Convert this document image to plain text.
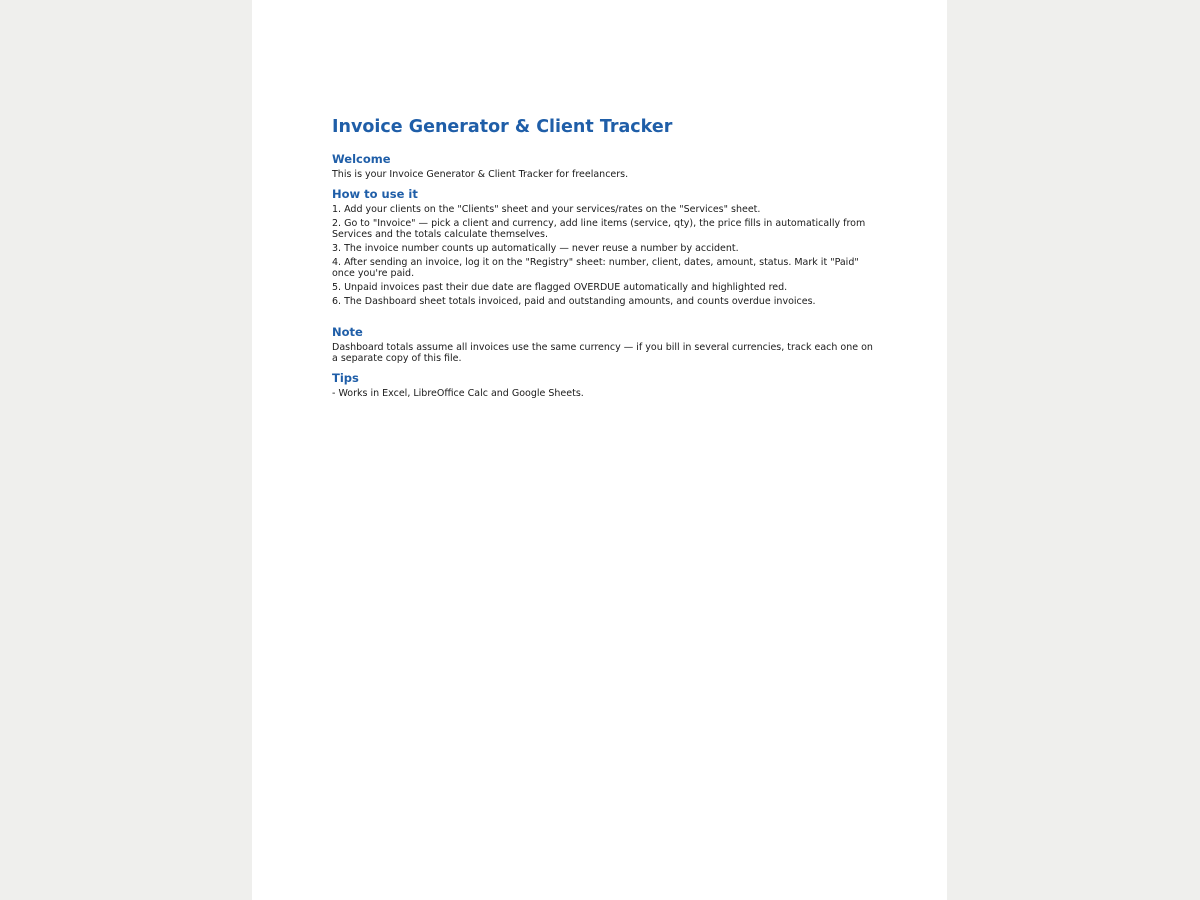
Invoice Generator & Client Tracker
Welcome

This is your Invoice Generator & Client Tracker for freelancers.

How to use it

1. Add your clients on the "Clients" sheet and your services/rates on the "Services" sheet.

2. Go to "Invoice" — pick a client and currency, add line items (service, qty), the price fills in automatically from Services and the totals calculate themselves.

3. The invoice number counts up automatically — never reuse a number by accident.

4. After sending an invoice, log it on the "Registry" sheet: number, client, dates, amount, status. Mark it "Paid" once you're paid.

5. Unpaid invoices past their due date are flagged OVERDUE automatically and highlighted red.

6. The Dashboard sheet totals invoiced, paid and outstanding amounts, and counts overdue invoices.

Note

Dashboard totals assume all invoices use the same currency — if you bill in several currencies, track each one on a separate copy of this file.

Tips

- Works in Excel, LibreOffice Calc and Google Sheets.
